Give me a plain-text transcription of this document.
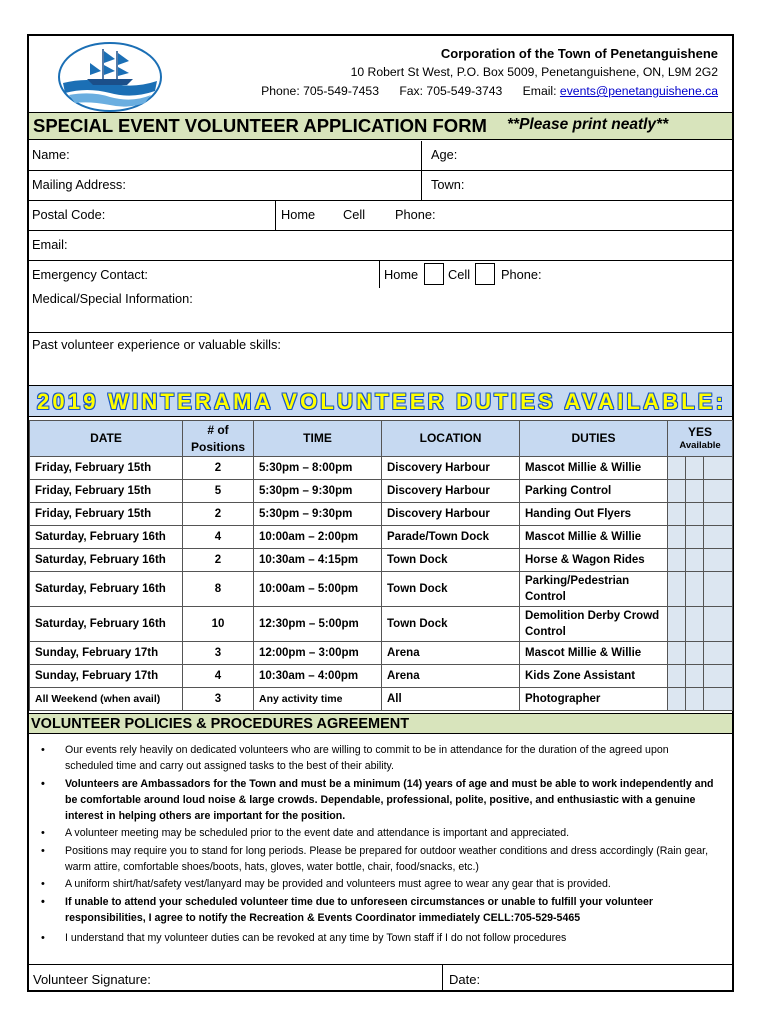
Corporation of the Town of Penetanguishene
10 Robert St West, P.O. Box 5009, Penetanguishene, ON, L9M 2G2
Phone: 705-549-7453 Fax: 705-549-3743 Email: events@penetanguishene.ca
SPECIAL EVENT VOLUNTEER APPLICATION FORM **Please print neatly**
Name:	Age:
Mailing Address:	Town:
Postal Code:	Home Cell Phone:
Email:
Emergency Contact:	Home Cell Phone:
Medical/Special Information:
Past volunteer experience or valuable skills:
2019 WINTERAMA VOLUNTEER DUTIES AVAILABLE:
DATE	# of Positions	TIME	LOCATION	DUTIES	YES
Available		

Friday, February 15th	2	5:30pm – 8:00pm	Discovery Harbour	Mascot Millie & Willie			
Friday, February 15th	5	5:30pm – 9:30pm	Discovery Harbour	Parking Control			
Friday, February 15th	2	5:30pm – 9:30pm	Discovery Harbour	Handing Out Flyers			
Saturday, February 16th	4	10:00am – 2:00pm	Parade/Town Dock	Mascot Millie & Willie			
Saturday, February 16th	2	10:30am – 4:15pm	Town Dock	Horse & Wagon Rides			
Saturday, February 16th	8	10:00am – 5:00pm	Town Dock	Parking/Pedestrian Control			
Saturday, February 16th	10	12:30pm – 5:00pm	Town Dock	Demolition Derby Crowd Control			
Sunday, February 17th	3	12:00pm – 3:00pm	Arena	Mascot Millie & Willie			
Sunday, February 17th	4	10:30am – 4:00pm	Arena	Kids Zone Assistant			
All Weekend (when avail)	3	Any activity time	All	Photographer			
VOLUNTEER POLICIES & PROCEDURES AGREEMENT
• Our events rely heavily on dedicated volunteers who are willing to commit to be in attendance for the duration of the agreed upon scheduled time and carry out assigned tasks to the best of their ability.
• Volunteers are Ambassadors for the Town and must be a minimum (14) years of age and must be able to work independently and be comfortable around loud noise & large crowds. Dependable, professional, polite, positive, and enthusiastic with a genuine interest in helping others are important for the position.
• A volunteer meeting may be scheduled prior to the event date and attendance is important and appreciated.
• Positions may require you to stand for long periods. Please be prepared for outdoor weather conditions and dress accordingly (Rain gear, warm attire, comfortable shoes/boots, hats, gloves, water bottle, chair, food/snacks, etc.)
• A uniform shirt/hat/safety vest/lanyard may be provided and volunteers must agree to wear any gear that is provided.
• If unable to attend your scheduled volunteer time due to unforeseen circumstances or unable to fulfill your volunteer responsibilities, I agree to notify the Recreation & Events Coordinator immediately CELL:705-529-5465
• I understand that my volunteer duties can be revoked at any time by Town staff if I do not follow procedures
Volunteer Signature:	Date:
